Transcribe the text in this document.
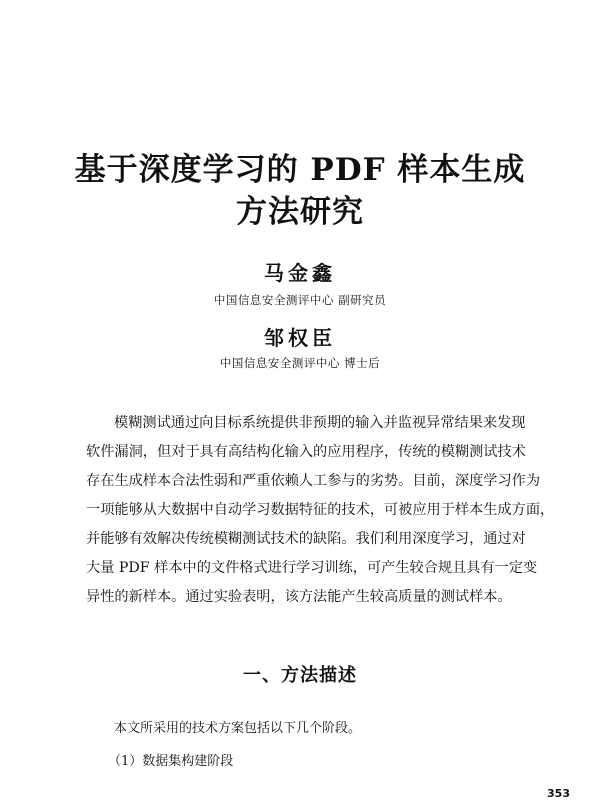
基于深度学习的 PDF 样本生成
方法研究
马金鑫
中国信息安全测评中心 副研究员
邹权臣
中国信息安全测评中心 博士后
模糊测试通过向目标系统提供非预期的输入并监视异常结果来发现
软件漏洞，但对于具有高结构化输入的应用程序，传统的模糊测试技术
存在生成样本合法性弱和严重依赖人工参与的劣势。目前，深度学习作为
一项能够从大数据中自动学习数据特征的技术，可被应用于样本生成方面，
并能够有效解决传统模糊测试技术的缺陷。我们利用深度学习，通过对
大量 PDF 样本中的文件格式进行学习训练，可产生较合规且具有一定变
异性的新样本。通过实验表明，该方法能产生较高质量的测试样本。
一、方法描述
本文所采用的技术方案包括以下几个阶段。
（1）数据集构建阶段
353
